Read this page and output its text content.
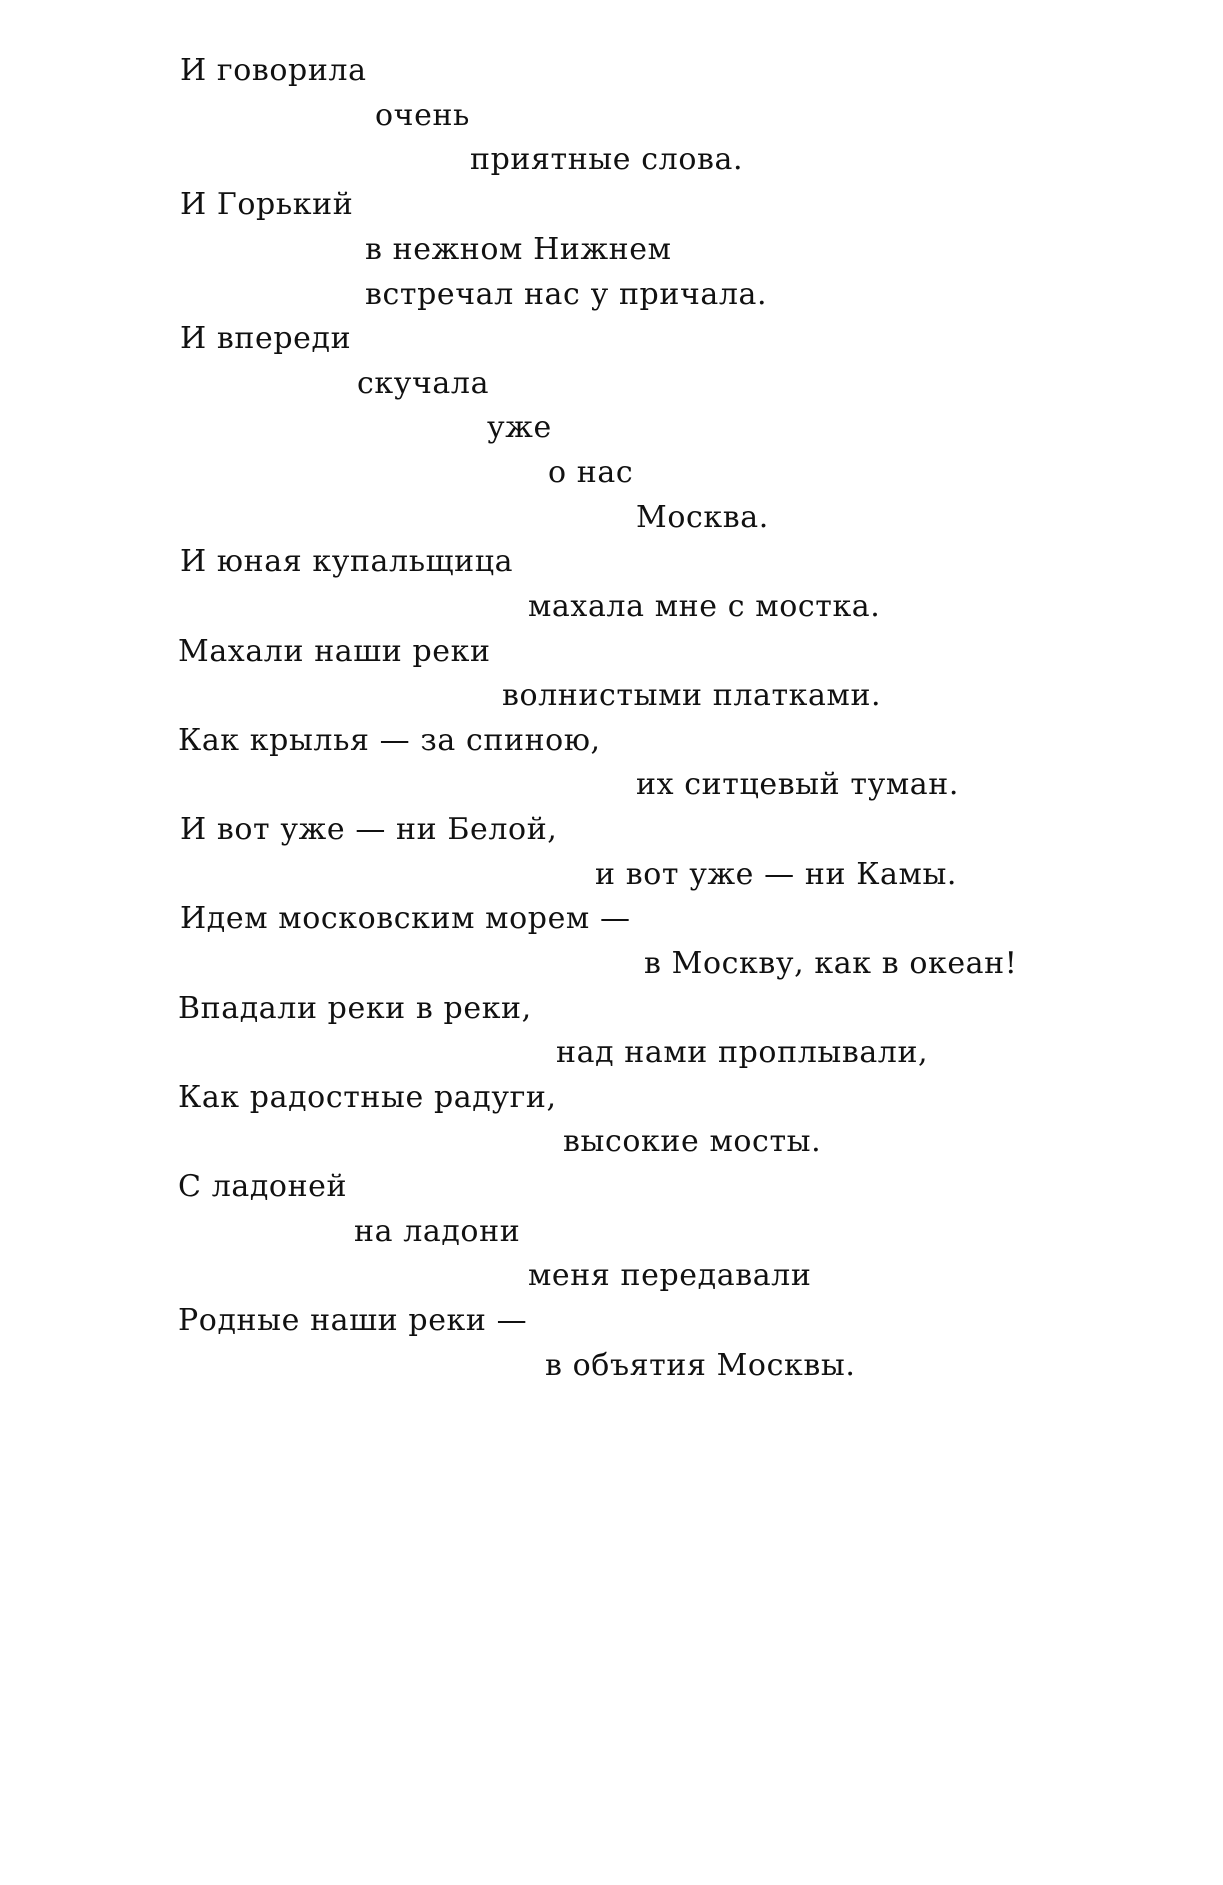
И говорила
очень
приятные слова.
И Горький
в нежном Нижнем
встречал нас у причала.
И впереди
скучала
уже
о нас
Москва.
И юная купальщица
махала мне с мостка.
Махали наши реки
волнистыми платками.
Как крылья — за спиною,
их ситцевый туман.
И вот уже — ни Белой,
и вот уже — ни Камы.
Идем московским морем —
в Москву, как в океан!
Впадали реки в реки,
над нами проплывали,
Как радостные радуги,
высокие мосты.
С ладоней
на ладони
меня передавали
Родные наши реки —
в объятия Москвы.
